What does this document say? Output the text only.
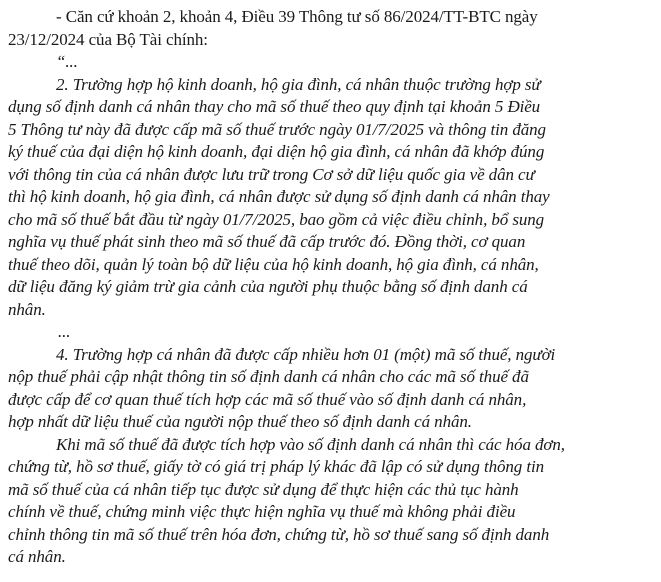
- Căn cứ khoản 2, khoản 4, Điều 39 Thông tư số 86/2024/TT-BTC ngày

23/12/2024 của Bộ Tài chính:

“...

2. Trường hợp hộ kinh doanh, hộ gia đình, cá nhân thuộc trường hợp sử

dụng số định danh cá nhân thay cho mã số thuế theo quy định tại khoản 5 Điều

5 Thông tư này đã được cấp mã số thuế trước ngày 01/7/2025 và thông tin đăng

ký thuế của đại diện hộ kinh doanh, đại diện hộ gia đình, cá nhân đã khớp đúng

với thông tin của cá nhân được lưu trữ trong Cơ sở dữ liệu quốc gia về dân cư

thì hộ kinh doanh, hộ gia đình, cá nhân được sử dụng số định danh cá nhân thay

cho mã số thuế bắt đầu từ ngày 01/7/2025, bao gồm cả việc điều chỉnh, bổ sung

nghĩa vụ thuế phát sinh theo mã số thuế đã cấp trước đó. Đồng thời, cơ quan

thuế theo dõi, quản lý toàn bộ dữ liệu của hộ kinh doanh, hộ gia đình, cá nhân,

dữ liệu đăng ký giảm trừ gia cảnh của người phụ thuộc bằng số định danh cá

nhân.

...

4. Trường hợp cá nhân đã được cấp nhiều hơn 01 (một) mã số thuế, người

nộp thuế phải cập nhật thông tin số định danh cá nhân cho các mã số thuế đã

được cấp để cơ quan thuế tích hợp các mã số thuế vào số định danh cá nhân,

hợp nhất dữ liệu thuế của người nộp thuế theo số định danh cá nhân.

Khi mã số thuế đã được tích hợp vào số định danh cá nhân thì các hóa đơn,

chứng từ, hồ sơ thuế, giấy tờ có giá trị pháp lý khác đã lập có sử dụng thông tin

mã số thuế của cá nhân tiếp tục được sử dụng để thực hiện các thủ tục hành

chính về thuế, chứng minh việc thực hiện nghĩa vụ thuế mà không phải điều

chỉnh thông tin mã số thuế trên hóa đơn, chứng từ, hồ sơ thuế sang số định danh

cá nhân.
